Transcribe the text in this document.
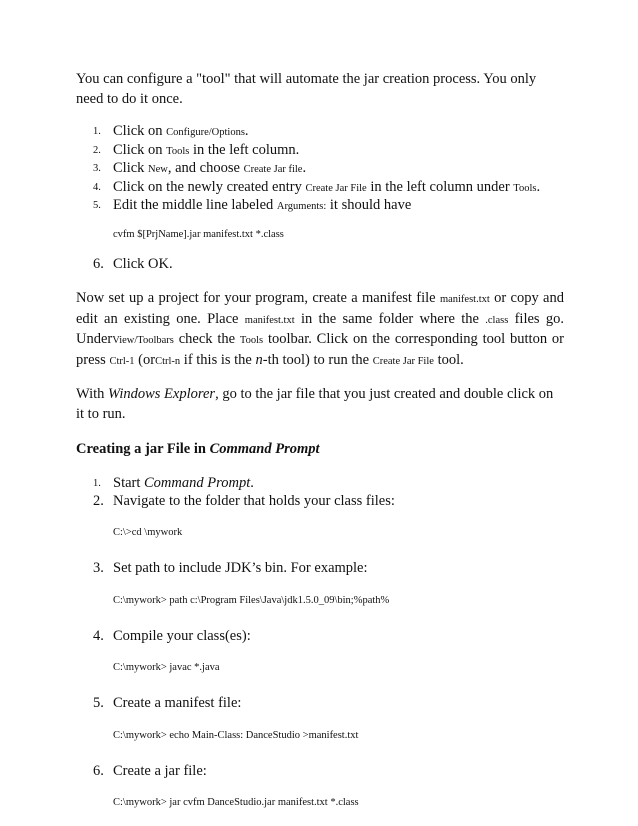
You can configure a "tool" that will automate the jar creation process. You only need to do it once.

1. Click on Configure/Options.
2. Click on Tools in the left column.
3. Click New, and choose Create Jar file.
4. Click on the newly created entry Create Jar File in the left column under Tools.
5. Edit the middle line labeled Arguments: it should have
cvfm $[PrjName].jar manifest.txt *.class
6. Click OK.

Now set up a project for your program, create a manifest file manifest.txt or copy and edit an existing one. Place manifest.txt in the same folder where the .class files go. UnderView/Toolbars check the Tools toolbar. Click on the corresponding tool button or press Ctrl-1 (orCtrl-n if this is the n-th tool) to run the Create Jar File tool.

With Windows Explorer, go to the jar file that you just created and double click on it to run.

Creating a jar File in Command Prompt

1. Start Command Prompt.
2. Navigate to the folder that holds your class files:
C:\>cd \mywork
3. Set path to include JDK’s bin. For example:
C:\mywork> path c:\Program Files\Java\jdk1.5.0_09\bin;%path%
4. Compile your class(es):
C:\mywork> javac *.java
5. Create a manifest file:
C:\mywork> echo Main-Class: DanceStudio >manifest.txt
6. Create a jar file:
C:\mywork> jar cvfm DanceStudio.jar manifest.txt *.class
